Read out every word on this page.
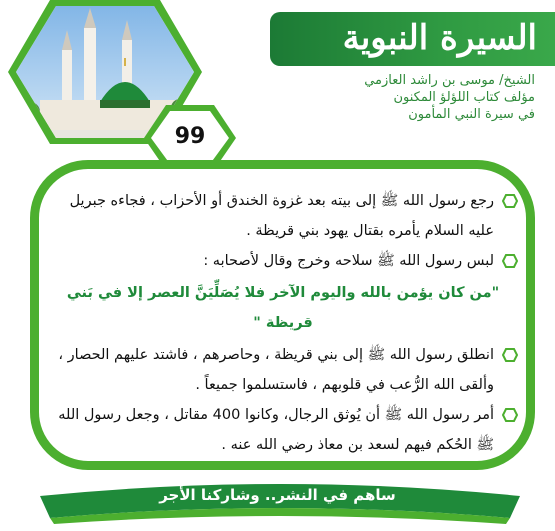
السيرة النبوية
الشيخ/ موسى بن راشد العازمي
مؤلف كتاب اللؤلؤ المكنون
في سيرة النبي المأمون
99

رجع رسول الله ﷺ إلى بيته بعد غزوة الخندق أو الأحزاب ، فجاءه جبريل عليه السلام يأمره بقتال يهود بني قريظة .

لبس رسول الله ﷺ سلاحه وخرج وقال لأصحابه :

"من كان يؤمن بالله واليوم الآخر فلا يُصَلِّيَنَّ العصر إلا في بَني قريظة "

انطلق رسول الله ﷺ إلى بني قريظة ، وحاصرهم ، فاشتد عليهم الحصار ، وألقى الله الرُّعب في قلوبهم ، فاستسلموا جميعاً .

أمر رسول الله ﷺ أن يُوثق الرجال، وكانوا 400 مقاتل ، وجعل رسول الله ﷺ الحُكم فيهم لسعد بن معاذ رضي الله عنه .

ساهم في النشر.. وشاركنا الأجر
